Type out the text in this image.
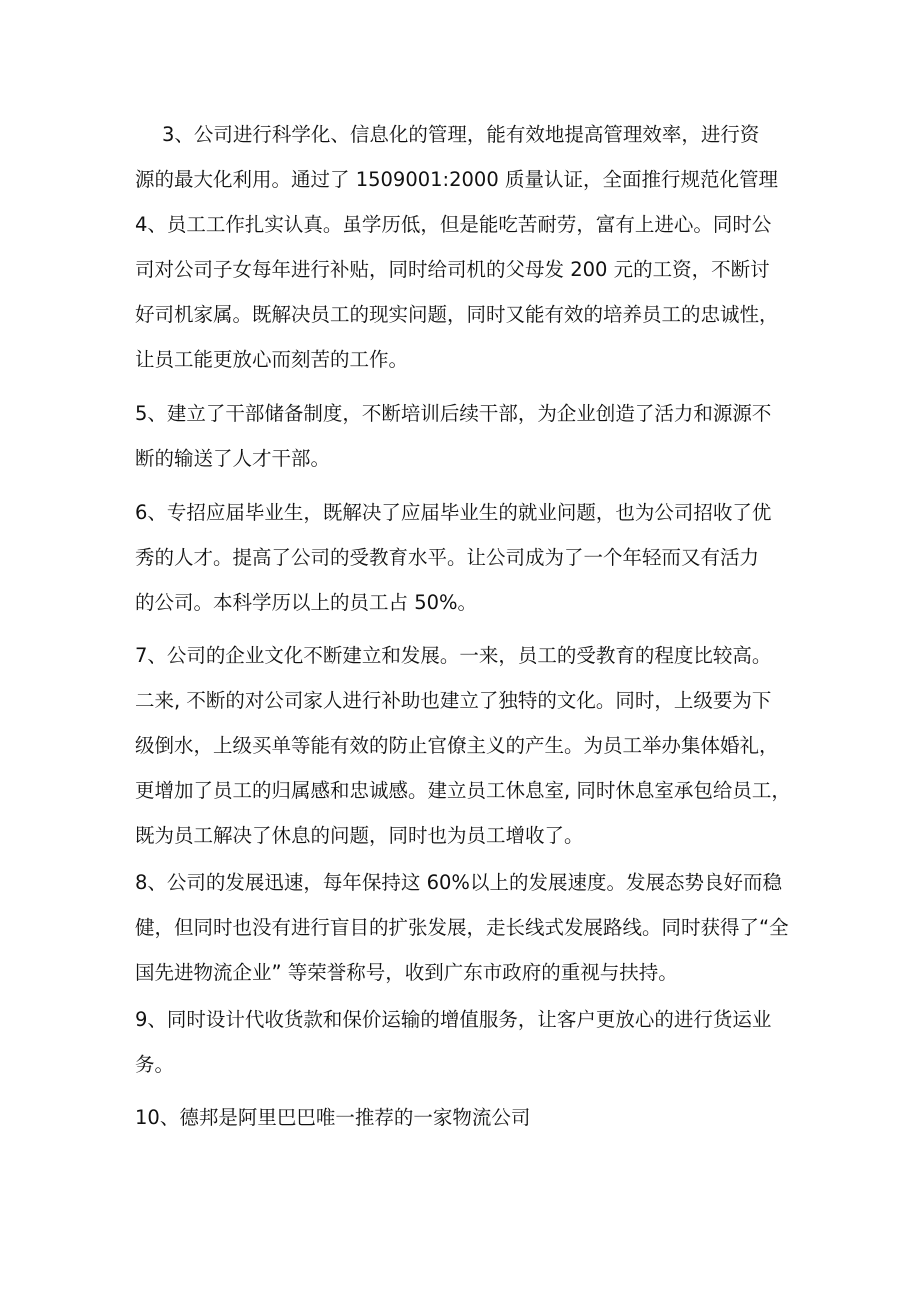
3、公司进行科学化、信息化的管理，能有效地提高管理效率，进行资
源的最大化利用。通过了 1509001:2000 质量认证，全面推行规范化管理
4、员工工作扎实认真。虽学历低，但是能吃苦耐劳，富有上进心。同时公
司对公司子女每年进行补贴，同时给司机的父母发 200 元的工资，不断讨
好司机家属。既解决员工的现实问题，同时又能有效的培养员工的忠诚性，
让员工能更放心而刻苦的工作。
5、建立了干部储备制度，不断培训后续干部，为企业创造了活力和源源不
断的输送了人才干部。
6、专招应届毕业生，既解决了应届毕业生的就业问题，也为公司招收了优
秀的人才。提高了公司的受教育水平。让公司成为了一个年轻而又有活力
的公司。本科学历以上的员工占 50%。
7、公司的企业文化不断建立和发展。一来，员工的受教育的程度比较高。
二来, 不断的对公司家人进行补助也建立了独特的文化。同时，上级要为下
级倒水，上级买单等能有效的防止官僚主义的产生。为员工举办集体婚礼，
更增加了员工的归属感和忠诚感。建立员工休息室, 同时休息室承包给员工，
既为员工解决了休息的问题，同时也为员工增收了。
8、公司的发展迅速，每年保持这 60%以上的发展速度。发展态势良好而稳
健，但同时也没有进行盲目的扩张发展，走长线式发展路线。同时获得了“全
国先进物流企业” 等荣誉称号，收到广东市政府的重视与扶持。
9、同时设计代收货款和保价运输的增值服务，让客户更放心的进行货运业
务。
10、德邦是阿里巴巴唯一推荐的一家物流公司
